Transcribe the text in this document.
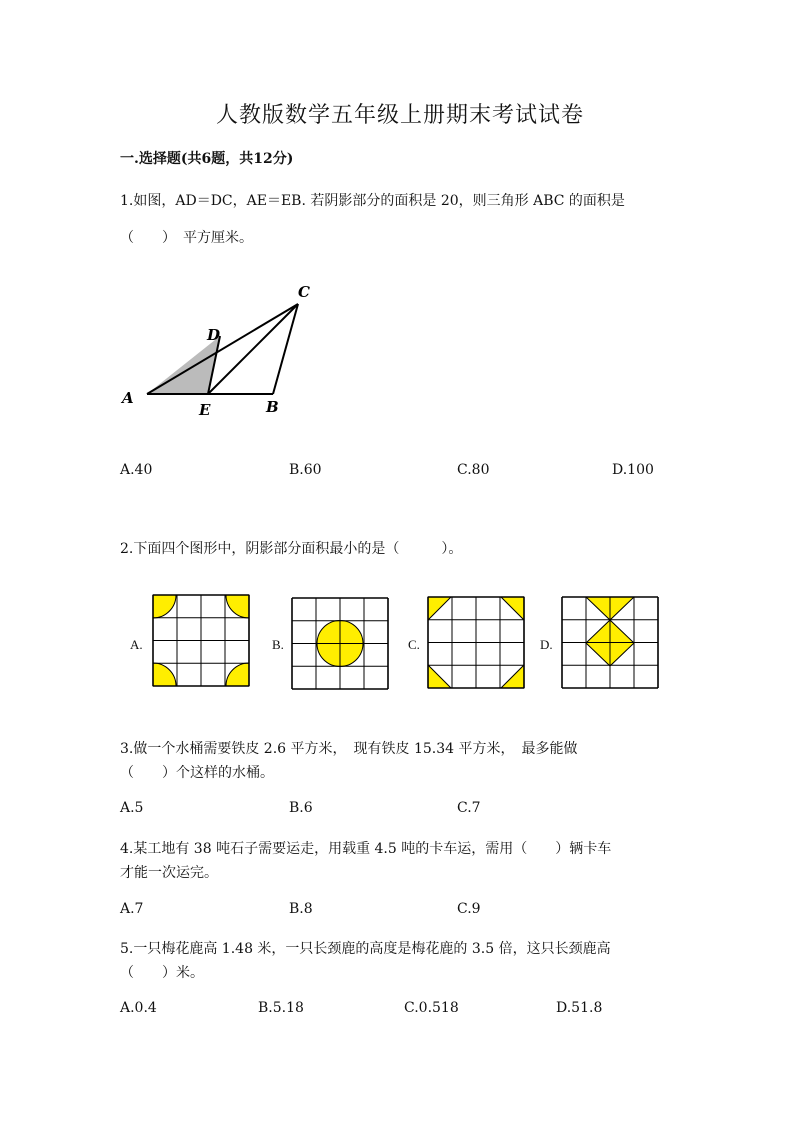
人教版数学五年级上册期末考试试卷
一.选择题(共6题，共12分)
1.如图，AD＝DC，AE＝EB. 若阴影部分的面积是 20，则三角形 ABC 的面积是
（　　）　平方厘米。
A	B
C
D
E
A.40	B.60	C.80	D.100
2.下面四个图形中，阴影部分面积最小的是（　　　）。
A.	B.	C.	D.
3.做一个水桶需要铁皮 2.6 平方米，　现有铁皮 15.34 平方米，　最多能做
（　　）个这样的水桶。
A.5	B.6	C.7
4.某工地有 38 吨石子需要运走，用载重 4.5 吨的卡车运，需用（　　）辆卡车
才能一次运完。
A.7	B.8	C.9
5.一只梅花鹿高 1.48 米，一只长颈鹿的高度是梅花鹿的 3.5 倍，这只长颈鹿高
（　　）米。
A.0.4	B.5.18	C.0.518	D.51.8
